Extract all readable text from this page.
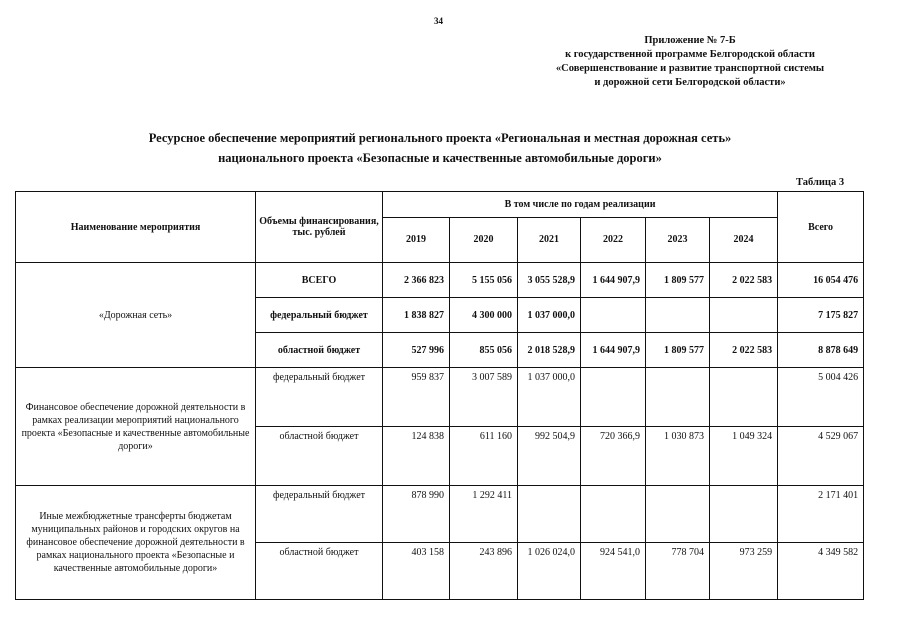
34
Приложение № 7-Б
к государственной программе Белгородской области
«Совершенствование и развитие транспортной системы
и дорожной сети Белгородской области»
Ресурсное обеспечение мероприятий регионального проекта «Региональная и местная дорожная сеть»
национального проекта «Безопасные и качественные автомобильные дороги»
Таблица 3
Наименование мероприятия	Объемы финансирования, тыс. рублей	В том числе по годам реализации						Всего
		2019	2020	2021	2022	2023	2024	
«Дорожная сеть»	ВСЕГО	2 366 823	5 155 056	3 055 528,9	1 644 907,9	1 809 577	2 022 583	16 054 476
	федеральный бюджет	1 838 827	4 300 000	1 037 000,0				7 175 827
	областной бюджет	527 996	855 056	2 018 528,9	1 644 907,9	1 809 577	2 022 583	8 878 649
Финансовое обеспечение дорожной деятельности в рамках реализации мероприятий национального проекта «Безопасные и качественные автомобильные дороги»	федеральный бюджет	959 837	3 007 589	1 037 000,0				5 004 426
	областной бюджет	124 838	611 160	992 504,9	720 366,9	1 030 873	1 049 324	4 529 067
Иные межбюджетные трансферты бюджетам муниципальных районов и городских округов на финансовое обеспечение дорожной деятельности в рамках национального проекта «Безопасные и качественные автомобильные дороги»	федеральный бюджет	878 990	1 292 411					2 171 401
	областной бюджет	403 158	243 896	1 026 024,0	924 541,0	778 704	973 259	4 349 582
